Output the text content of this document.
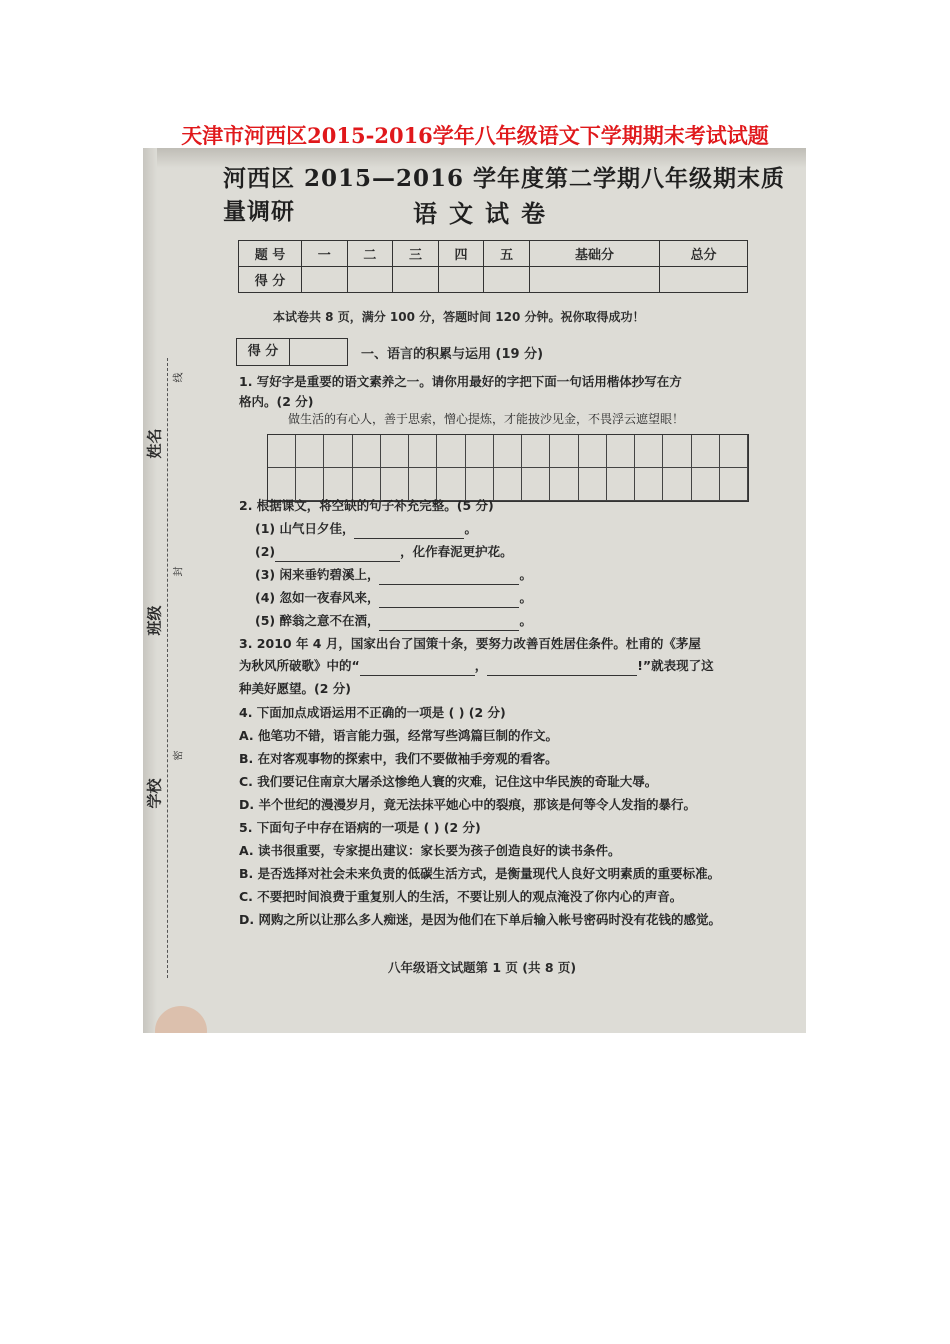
天津市河西区2015-2016学年八年级语文下学期期末考试试题
姓名
班级
学校
线
封
密
河西区 2015—2016 学年度第二学期八年级期末质量调研	语文试卷
题 号	一	二	三	四	五	基础分	总分
得 分							
本试卷共 8 页，满分 100 分，答题时间 120 分钟。祝你取得成功！
得 分	一、语言的积累与运用 (19 分)
1. 写好字是重要的语文素养之一。请你用最好的字把下面一句话用楷体抄写在方
格内。(2 分)
做生活的有心人，善于思索，憎心提炼，才能披沙见金，不畏浮云遮望眼！
2. 根据课文，将空缺的句子补充完整。(5 分)
(1) 山气日夕佳，	。
(2)	，化作春泥更护花。
(3) 闲来垂钓碧溪上，	。
(4) 忽如一夜春风来，	。
(5) 醉翁之意不在酒，	。
3. 2010 年 4 月，国家出台了国策十条，要努力改善百姓居住条件。杜甫的《茅屋
为秋风所破歌》中的“	，	!”就表现了这
种美好愿望。(2 分)
4. 下面加点成语运用不正确的一项是 ( ) (2 分)
A. 他笔功不错，语言能力强，经常写些鸿篇巨制的作文。
B. 在对客观事物的探索中，我们不要做袖手旁观的看客。
C. 我们要记住南京大屠杀这惨绝人寰的灾难，记住这中华民族的奇耻大辱。
D. 半个世纪的漫漫岁月，竟无法抹平她心中的裂痕，那该是何等令人发指的暴行。
5. 下面句子中存在语病的一项是 ( ) (2 分)
A. 读书很重要，专家提出建议：家长要为孩子创造良好的读书条件。
B. 是否选择对社会未来负责的低碳生活方式，是衡量现代人良好文明素质的重要标准。
C. 不要把时间浪费于重复别人的生活，不要让别人的观点淹没了你内心的声音。
D. 网购之所以让那么多人痴迷，是因为他们在下单后输入帐号密码时没有花钱的感觉。
八年级语文试题第 1 页 (共 8 页)
